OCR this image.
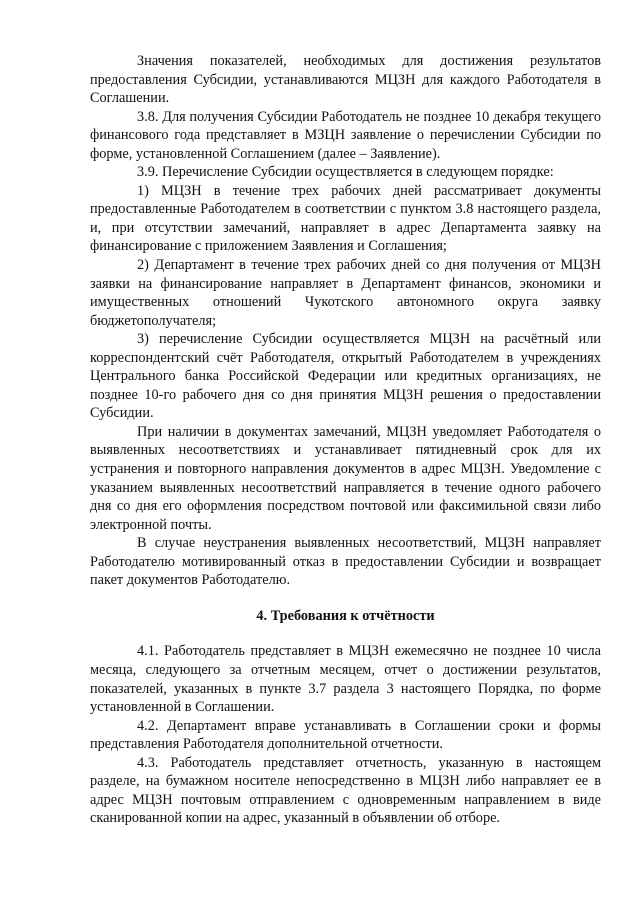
Значения показателей, необходимых для достижения результатов предоставления Субсидии, устанавливаются МЦЗН для каждого Работодателя в Соглашении.

3.8. Для получения Субсидии Работодатель не позднее 10 декабря текущего финансового года представляет в МЗЦН заявление о перечислении Субсидии по форме, установленной Соглашением (далее – Заявление).

3.9. Перечисление Субсидии осуществляется в следующем порядке:

1) МЦЗН в течение трех рабочих дней рассматривает документы предоставленные Работодателем в соответствии с пунктом 3.8 настоящего раздела, и, при отсутствии замечаний, направляет в адрес Департамента заявку на финансирование с приложением Заявления и Соглашения;

2) Департамент в течение трех рабочих дней со дня получения от МЦЗН заявки на финансирование направляет в Департамент финансов, экономики и имущественных отношений Чукотского автономного округа заявку бюджетополучателя;

3) перечисление Субсидии осуществляется МЦЗН на расчётный или корреспондентский счёт Работодателя, открытый Работодателем в учреждениях Центрального банка Российской Федерации или кредитных организациях, не позднее 10-го рабочего дня со дня принятия МЦЗН решения о предоставлении Субсидии.

При наличии в документах замечаний, МЦЗН уведомляет Работодателя о выявленных несоответствиях и устанавливает пятидневный срок для их устранения и повторного направления документов в адрес МЦЗН. Уведомление с указанием выявленных несоответствий направляется в течение одного рабочего дня со дня его оформления посредством почтовой или факсимильной связи либо электронной почты.

В случае неустранения выявленных несоответствий, МЦЗН направляет Работодателю мотивированный отказ в предоставлении Субсидии и возвращает пакет документов Работодателю.

4. Требования к отчётности

4.1. Работодатель представляет в МЦЗН ежемесячно не позднее 10 числа месяца, следующего за отчетным месяцем, отчет о достижении результатов, показателей, указанных в пункте 3.7 раздела 3 настоящего Порядка, по форме установленной в Соглашении.

4.2. Департамент вправе устанавливать в Соглашении сроки и формы представления Работодателя дополнительной отчетности.

4.3. Работодатель представляет отчетность, указанную в настоящем разделе, на бумажном носителе непосредственно в МЦЗН либо направляет ее в адрес МЦЗН почтовым отправлением с одновременным направлением в виде сканированной копии на адрес, указанный в объявлении об отборе.
